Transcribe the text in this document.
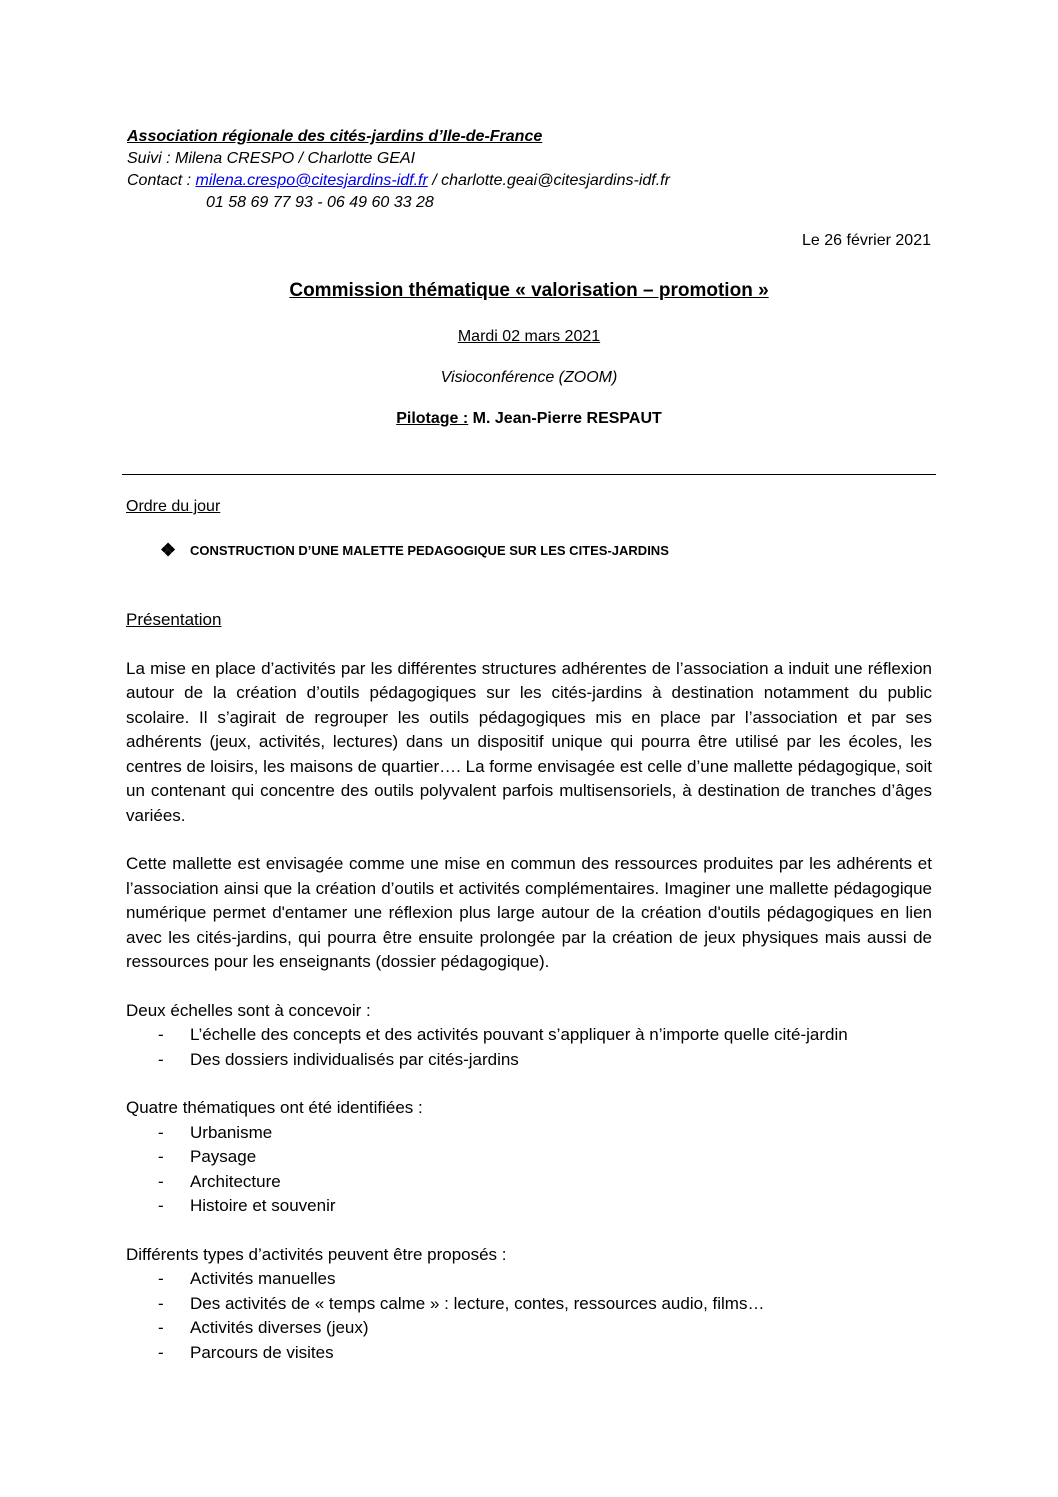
Association régionale des cités-jardins d’Ile-de-France
Suivi : Milena CRESPO / Charlotte GEAI
Contact : milena.crespo@citesjardins-idf.fr / charlotte.geai@citesjardins-idf.fr
01 58 69 77 93 - 06 49 60 33 28
Le 26 février 2021
Commission thématique « valorisation – promotion »
Mardi 02 mars 2021
Visioconférence (ZOOM)
Pilotage : M. Jean-Pierre RESPAUT
Ordre du jour
❖	CONSTRUCTION D’UNE MALETTE PEDAGOGIQUE SUR LES CITES-JARDINS
Présentation
La mise en place d’activités par les différentes structures adhérentes de l’association a induit une réflexion autour de la création d’outils pédagogiques sur les cités-jardins à destination notamment du public scolaire. Il s’agirait de regrouper les outils pédagogiques mis en place par l’association et par ses adhérents (jeux, activités, lectures) dans un dispositif unique qui pourra être utilisé par les écoles, les centres de loisirs, les maisons de quartier…. La forme envisagée est celle d’une mallette pédagogique, soit un contenant qui concentre des outils polyvalent parfois multisensoriels, à destination de tranches d’âges variées.
Cette mallette est envisagée comme une mise en commun des ressources produites par les adhérents et l’association ainsi que la création d’outils et activités complémentaires. Imaginer une mallette pédagogique numérique permet d'entamer une réflexion plus large autour de la création d'outils pédagogiques en lien avec les cités-jardins, qui pourra être ensuite prolongée par la création de jeux physiques mais aussi de ressources pour les enseignants (dossier pédagogique).
Deux échelles sont à concevoir :
- L’échelle des concepts et des activités pouvant s’appliquer à n’importe quelle cité-jardin
- Des dossiers individualisés par cités-jardins
Quatre thématiques ont été identifiées :
- Urbanisme
- Paysage
- Architecture
- Histoire et souvenir
Différents types d’activités peuvent être proposés :
- Activités manuelles
- Des activités de « temps calme » : lecture, contes, ressources audio, films…
- Activités diverses (jeux)
- Parcours de visites
